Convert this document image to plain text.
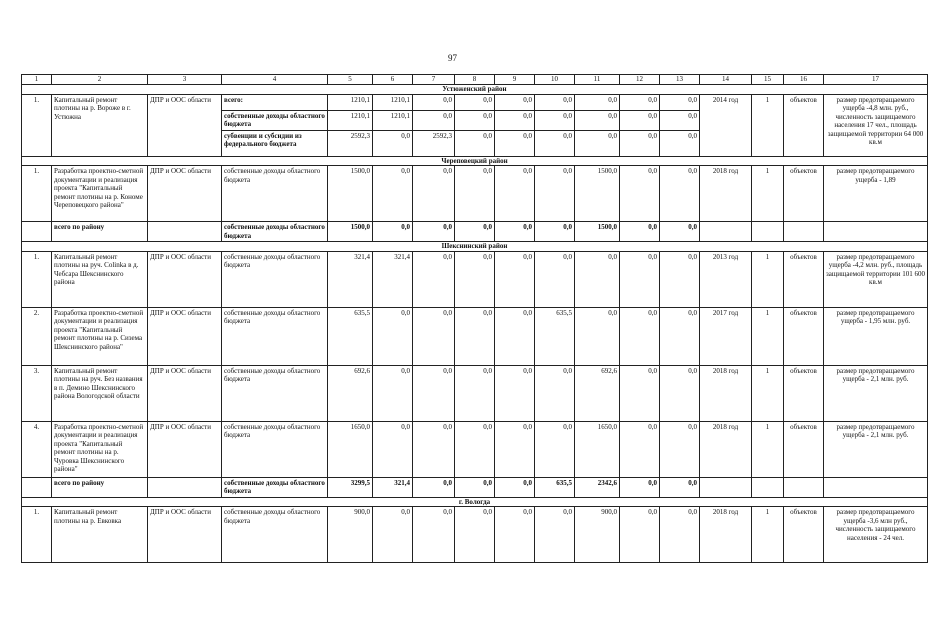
97
1	2	3	4	5	6	7	8	9	10	11	12	13	14	15	16	17
Устюженский район																
1.	Капитальный ремонт плотины на р. Вороже в г. Устюжна	ДПР и ООС области	всего:	1210,1	1210,1	0,0	0,0	0,0	0,0	0,0	0,0	0,0	2014 год	1	объектов	размер предотвращаемого ущерба -4,8 млн. руб., численность защищаемого населения 17 чел., площадь защищаемой территории 64 000 кв.м
			собственные доходы областного бюджета	1210,1	1210,1	0,0	0,0	0,0	0,0	0,0	0,0	0,0				
			субвенции и субсидии из федерального бюджета	2592,3	0,0	2592,3	0,0	0,0	0,0	0,0	0,0	0,0				
Череповецкий район																
1.	Разработка проектно-сметной документации и реализация проекта "Капитальный ремонт плотины на р. Кономе Череповецкого района"	ДПР и ООС области	собственные доходы областного бюджета	1500,0	0,0	0,0	0,0	0,0	0,0	1500,0	0,0	0,0	2018 год	1	объектов	размер предотвращаемого ущерба - 1,89
	всего по району		собственные доходы областного бюджета	1500,0	0,0	0,0	0,0	0,0	0,0	1500,0	0,0	0,0				
Шекснинский район																
1.	Капитальный ремонт плотины на руч. Сolinka в д. Чебсара Шекснинского района	ДПР и ООС области	собственные доходы областного бюджета	321,4	321,4	0,0	0,0	0,0	0,0	0,0	0,0	0,0	2013 год	1	объектов	размер предотвращаемого ущерба -4,2 млн. руб., площадь защищаемой территории 101 600 кв.м
2.	Разработка проектно-сметной документации и реализация проекта "Капитальный ремонт плотины на р. Сизема Шекснинского района"	ДПР и ООС области	собственные доходы областного бюджета	635,5	0,0	0,0	0,0	0,0	635,5	0,0	0,0	0,0	2017 год	1	объектов	размер предотвращаемого ущерба - 1,95 млн. руб.
3.	Капитальный ремонт плотины на руч. Без названия в п. Демино Шекснинского района Вологодской области	ДПР и ООС области	собственные доходы областного бюджета	692,6	0,0	0,0	0,0	0,0	0,0	692,6	0,0	0,0	2018 год	1	объектов	размер предотвращаемого ущерба - 2,1 млн. руб.
4.	Разработка проектно-сметной документации и реализация проекта "Капитальный ремонт плотины на р. Чуровка Шекснинского района"	ДПР и ООС области	собственные доходы областного бюджета	1650,0	0,0	0,0	0,0	0,0	0,0	1650,0	0,0	0,0	2018 год	1	объектов	размер предотвращаемого ущерба - 2,1 млн. руб.
	всего по району		собственные доходы областного бюджета	3299,5	321,4	0,0	0,0	0,0	635,5	2342,6	0,0	0,0				
г. Вологда																
1.	Капитальный ремонт плотины на р. Евковка	ДПР и ООС области	собственные доходы областного бюджета	900,0	0,0	0,0	0,0	0,0	0,0	900,0	0,0	0,0	2018 год	1	объектов	размер предотвращаемого ущерба -3,6 млн руб., численность защищаемого населения - 24 чел.
